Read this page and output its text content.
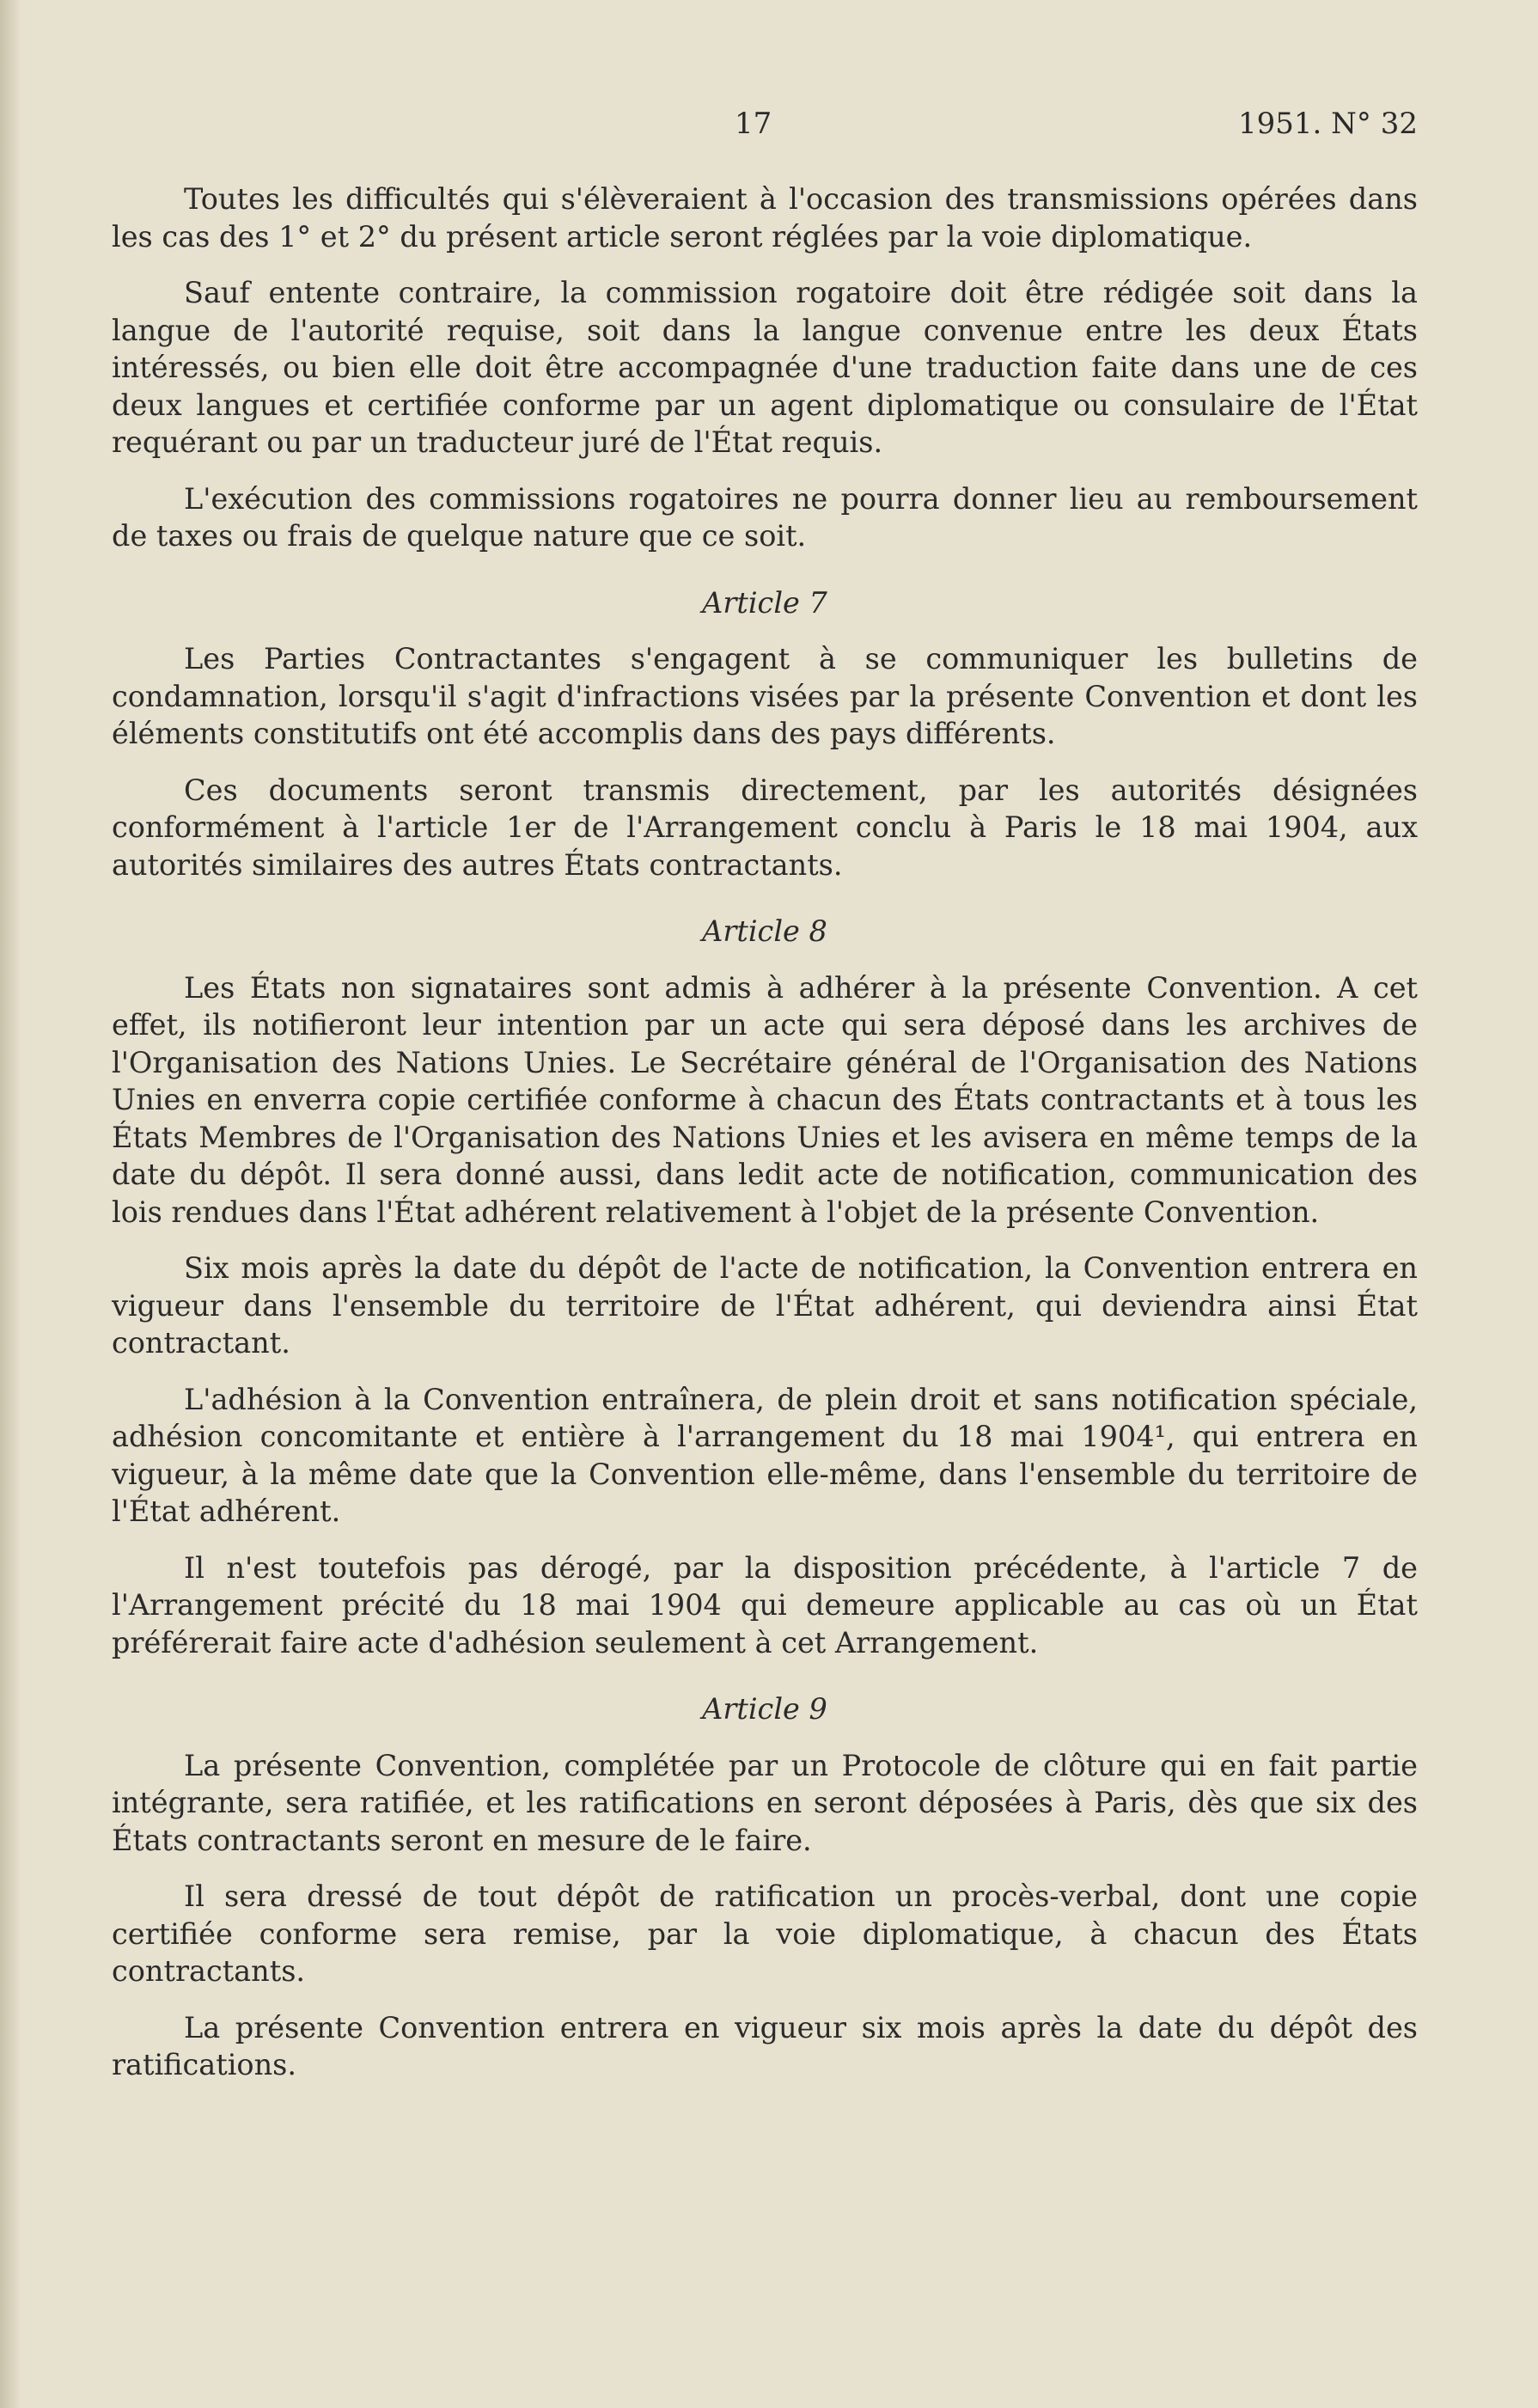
17	1951. N° 32

Toutes les difficultés qui s'élèveraient à l'occasion des transmissions opérées dans les cas des 1° et 2° du présent article seront réglées par la voie diplomatique.

Sauf entente contraire, la commission rogatoire doit être rédigée soit dans la langue de l'autorité requise, soit dans la langue convenue entre les deux États intéressés, ou bien elle doit être accompagnée d'une traduction faite dans une de ces deux langues et certifiée conforme par un agent diplomatique ou consulaire de l'État requérant ou par un traducteur juré de l'État requis.

L'exécution des commissions rogatoires ne pourra donner lieu au remboursement de taxes ou frais de quelque nature que ce soit.

Article 7

Les Parties Contractantes s'engagent à se communiquer les bulletins de condamnation, lorsqu'il s'agit d'infractions visées par la présente Convention et dont les éléments constitutifs ont été accomplis dans des pays différents.

Ces documents seront transmis directement, par les autorités désignées conformément à l'article 1er de l'Arrangement conclu à Paris le 18 mai 1904, aux autorités similaires des autres États contractants.

Article 8

Les États non signataires sont admis à adhérer à la présente Convention. A cet effet, ils notifieront leur intention par un acte qui sera déposé dans les archives de l'Organisation des Nations Unies. Le Secrétaire général de l'Organisation des Nations Unies en enverra copie certifiée conforme à chacun des États contractants et à tous les États Membres de l'Organisation des Nations Unies et les avisera en même temps de la date du dépôt. Il sera donné aussi, dans ledit acte de notification, communication des lois rendues dans l'État adhérent relativement à l'objet de la présente Convention.

Six mois après la date du dépôt de l'acte de notification, la Convention entrera en vigueur dans l'ensemble du territoire de l'État adhérent, qui deviendra ainsi État contractant.

L'adhésion à la Convention entraînera, de plein droit et sans notification spéciale, adhésion concomitante et entière à l'arrangement du 18 mai 1904¹, qui entrera en vigueur, à la même date que la Convention elle-même, dans l'ensemble du territoire de l'État adhérent.

Il n'est toutefois pas dérogé, par la disposition précédente, à l'article 7 de l'Arrangement précité du 18 mai 1904 qui demeure applicable au cas où un État préférerait faire acte d'adhésion seulement à cet Arrangement.

Article 9

La présente Convention, complétée par un Protocole de clôture qui en fait partie intégrante, sera ratifiée, et les ratifications en seront déposées à Paris, dès que six des États contractants seront en mesure de le faire.

Il sera dressé de tout dépôt de ratification un procès-verbal, dont une copie certifiée conforme sera remise, par la voie diplomatique, à chacun des États contractants.

La présente Convention entrera en vigueur six mois après la date du dépôt des ratifications.
